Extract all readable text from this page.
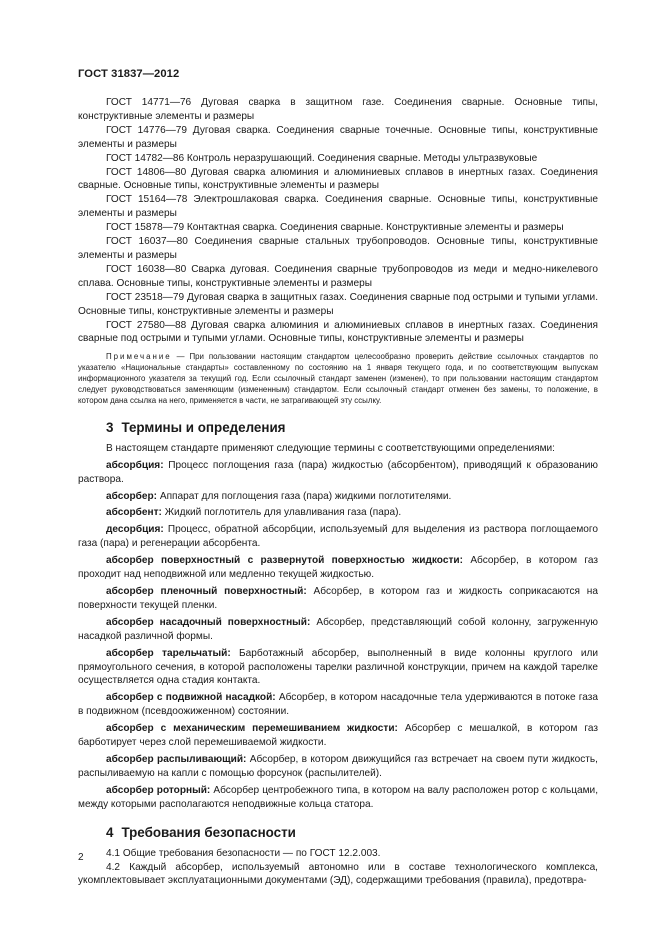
ГОСТ 31837—2012

ГОСТ 14771—76 Дуговая сварка в защитном газе. Соединения сварные. Основные типы, конструктивные элементы и размеры

ГОСТ 14776—79 Дуговая сварка. Соединения сварные точечные. Основные типы, конструктивные элементы и размеры

ГОСТ 14782—86 Контроль неразрушающий. Соединения сварные. Методы ультразвуковые

ГОСТ 14806—80 Дуговая сварка алюминия и алюминиевых сплавов в инертных газах. Соединения сварные. Основные типы, конструктивные элементы и размеры

ГОСТ 15164—78 Электрошлаковая сварка. Соединения сварные. Основные типы, конструктивные элементы и размеры

ГОСТ 15878—79 Контактная сварка. Соединения сварные. Конструктивные элементы и размеры

ГОСТ 16037—80 Соединения сварные стальных трубопроводов. Основные типы, конструктивные элементы и размеры

ГОСТ 16038—80 Сварка дуговая. Соединения сварные трубопроводов из меди и медно-никелевого сплава. Основные типы, конструктивные элементы и размеры

ГОСТ 23518—79 Дуговая сварка в защитных газах. Соединения сварные под острыми и тупыми углами. Основные типы, конструктивные элементы и размеры

ГОСТ 27580—88 Дуговая сварка алюминия и алюминиевых сплавов в инертных газах. Соединения сварные под острыми и тупыми углами. Основные типы, конструктивные элементы и размеры

Примечание — При пользовании настоящим стандартом целесообразно проверить действие ссылочных стандартов по указателю «Национальные стандарты» составленному по состоянию на 1 января текущего года, и по соответствующим выпускам информационного указателя за текущий год. Если ссылочный стандарт заменен (изменен), то при пользовании настоящим стандартом следует руководствоваться заменяющим (измененным) стандартом. Если ссылочный стандарт отменен без замены, то положение, в котором дана ссылка на него, применяется в части, не затрагивающей эту ссылку.

3 Термины и определения

В настоящем стандарте применяют следующие термины с соответствующими определениями:

абсорбция: Процесс поглощения газа (пара) жидкостью (абсорбентом), приводящий к образованию раствора.

абсорбер: Аппарат для поглощения газа (пара) жидкими поглотителями.

абсорбент: Жидкий поглотитель для улавливания газа (пара).

десорбция: Процесс, обратной абсорбции, используемый для выделения из раствора поглощаемого газа (пара) и регенерации абсорбента.

абсорбер поверхностный с развернутой поверхностью жидкости: Абсорбер, в котором газ проходит над неподвижной или медленно текущей жидкостью.

абсорбер пленочный поверхностный: Абсорбер, в котором газ и жидкость соприкасаются на поверхности текущей пленки.

абсорбер насадочный поверхностный: Абсорбер, представляющий собой колонну, загруженную насадкой различной формы.

абсорбер тарельчатый: Барботажный абсорбер, выполненный в виде колонны круглого или прямоугольного сечения, в которой расположены тарелки различной конструкции, причем на каждой тарелке осуществляется одна стадия контакта.

абсорбер с подвижной насадкой: Абсорбер, в котором насадочные тела удерживаются в потоке газа в подвижном (псевдоожиженном) состоянии.

абсорбер с механическим перемешиванием жидкости: Абсорбер с мешалкой, в котором газ барботирует через слой перемешиваемой жидкости.

абсорбер распыливающий: Абсорбер, в котором движущийся газ встречает на своем пути жидкость, распыливаемую на капли с помощью форсунок (распылителей).

абсорбер роторный: Абсорбер центробежного типа, в котором на валу расположен ротор с кольцами, между которыми располагаются неподвижные кольца статора.

4 Требования безопасности

4.1 Общие требования безопасности — по ГОСТ 12.2.003.

4.2 Каждый абсорбер, используемый автономно или в составе технологического комплекса, укомплектовывает эксплуатационными документами (ЭД), содержащими требования (правила), предотвра-

2
